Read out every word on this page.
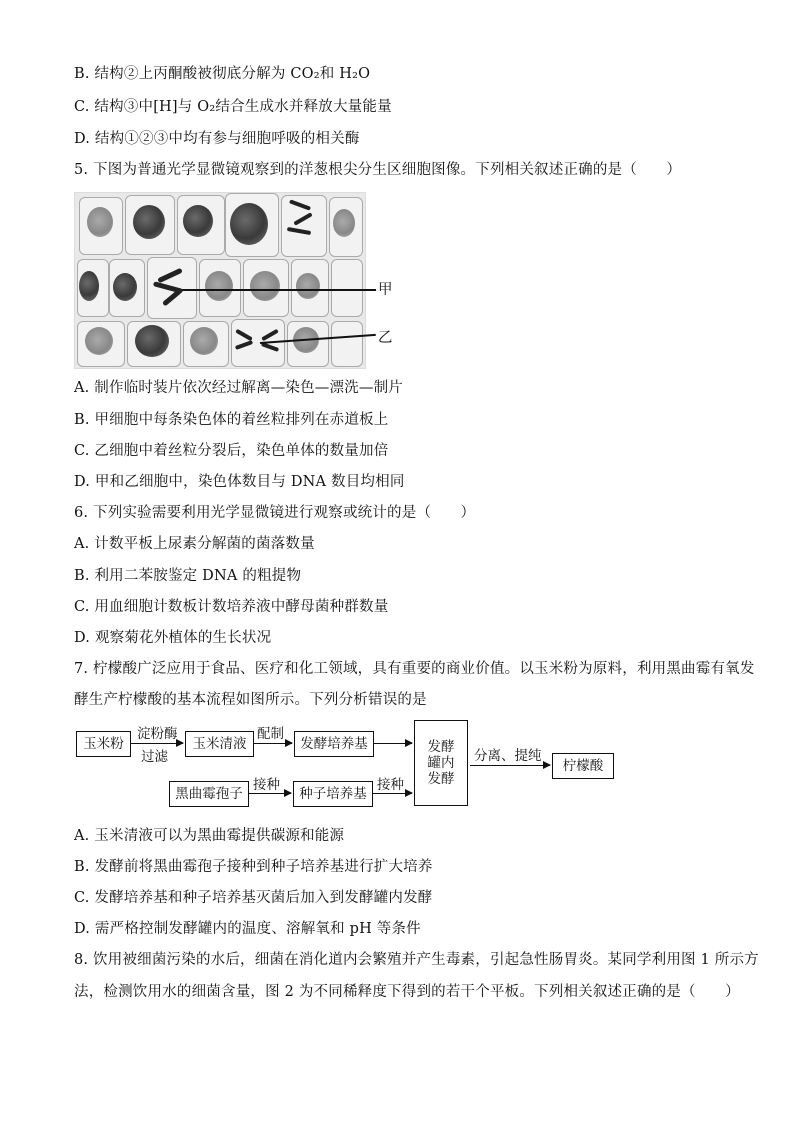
B. 结构②上丙酮酸被彻底分解为 CO₂和 H₂O
C. 结构③中[H]与 O₂结合生成水并释放大量能量
D. 结构①②③中均有参与细胞呼吸的相关酶
5. 下图为普通光学显微镜观察到的洋葱根尖分生区细胞图像。下列相关叙述正确的是（　　）
甲
乙
A. 制作临时装片依次经过解离—染色—漂洗—制片
B. 甲细胞中每条染色体的着丝粒排列在赤道板上
C. 乙细胞中着丝粒分裂后，染色单体的数量加倍
D. 甲和乙细胞中，染色体数目与 DNA 数目均相同
6. 下列实验需要利用光学显微镜进行观察或统计的是（　　）
A. 计数平板上尿素分解菌的菌落数量
B. 利用二苯胺鉴定 DNA 的粗提物
C. 用血细胞计数板计数培养液中酵母菌种群数量
D. 观察菊花外植体的生长状况
7. 柠檬酸广泛应用于食品、医疗和化工领域，具有重要的商业价值。以玉米粉为原料，利用黑曲霉有氧发
酵生产柠檬酸的基本流程如图所示。下列分析错误的是
玉米粉
淀粉酶
过滤
玉米清液
配制
发酵培养基	发酵罐内发酵
分离、提纯
柠檬酸
黑曲霉孢子
接种
种子培养基
接种
A. 玉米清液可以为黑曲霉提供碳源和能源
B. 发酵前将黑曲霉孢子接种到种子培养基进行扩大培养
C. 发酵培养基和种子培养基灭菌后加入到发酵罐内发酵
D. 需严格控制发酵罐内的温度、溶解氧和 pH 等条件
8. 饮用被细菌污染的水后，细菌在消化道内会繁殖并产生毒素，引起急性肠胃炎。某同学利用图 1 所示方
法，检测饮用水的细菌含量，图 2 为不同稀释度下得到的若干个平板。下列相关叙述正确的是（　　）
